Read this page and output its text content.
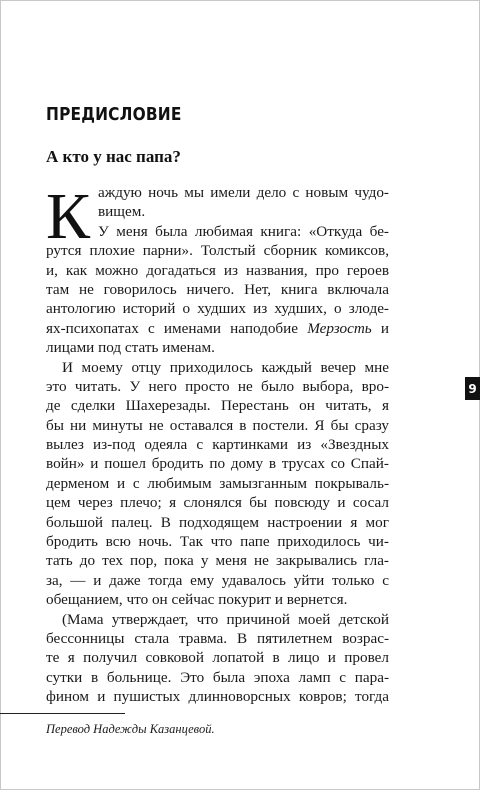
ПРЕДИСЛОВИЕ
А кто у нас папа?
К аждую ночь мы имели дело с новым чудо-
вищем.
У меня была любимая книга: «Откуда бе-
рутся плохие парни». Толстый сборник комиксов,
и, как можно догадаться из названия, про героев
там не говорилось ничего. Нет, книга включала
антологию историй о худших из худших, о злоде-
ях-психопатах с именами наподобие Мерзость и
лицами под стать именам.
И моему отцу приходилось каждый вечер мне
это читать. У него просто не было выбора, вро-
де сделки Шахерезады. Перестань он читать, я
бы ни минуты не оставался в постели. Я бы сразу
вылез из-под одеяла с картинками из «Звездных
войн» и пошел бродить по дому в трусах со Спай-
дерменом и с любимым замызганным покрываль-
цем через плечо; я слонялся бы повсюду и сосал
большой палец. В подходящем настроении я мог
бродить всю ночь. Так что папе приходилось чи-
тать до тех пор, пока у меня не закрывались гла-
за, — и даже тогда ему удавалось уйти только с
обещанием, что он сейчас покурит и вернется.
(Мама утверждает, что причиной моей детской
бессонницы стала травма. В пятилетнем возрас-
те я получил совковой лопатой в лицо и провел
сутки в больнице. Это была эпоха ламп с пара-
фином и пушистых длинноворсных ковров; тогда
9

Перевод Надежды Казанцевой.
